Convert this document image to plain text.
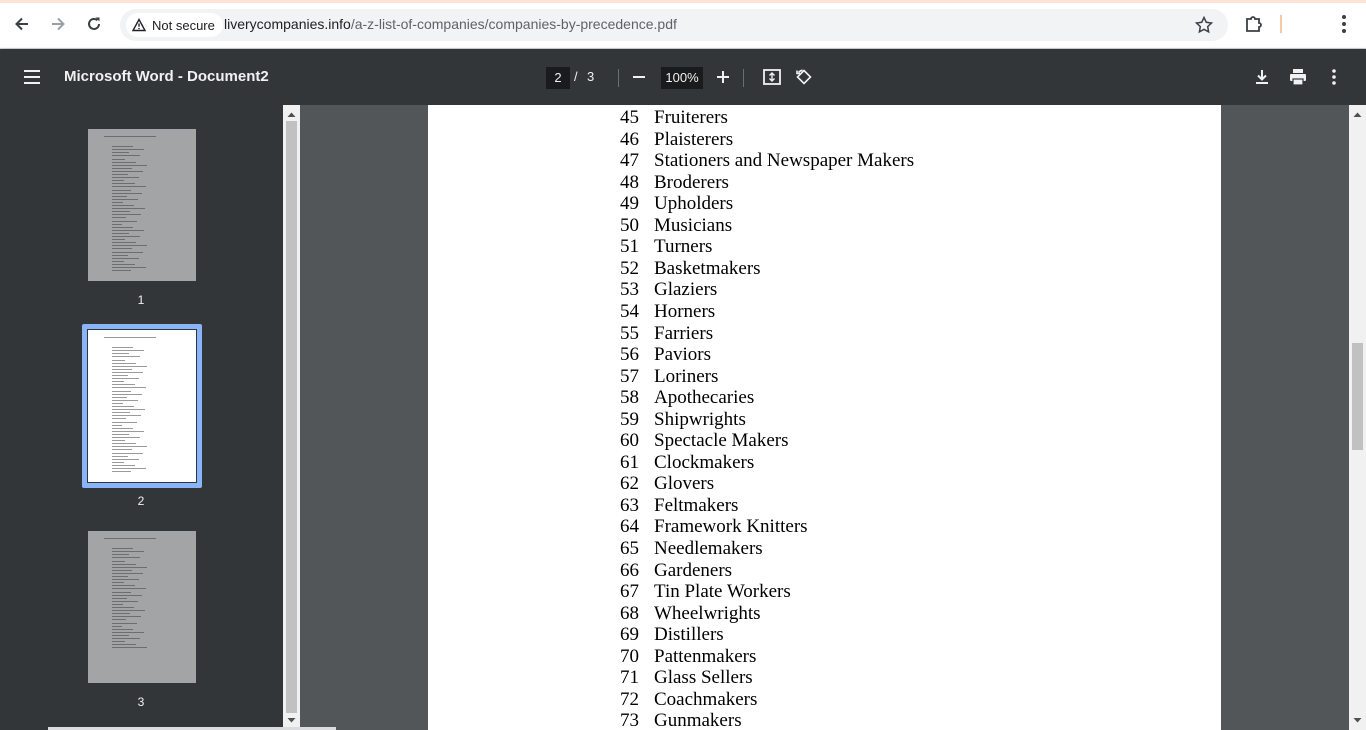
Not secure liverycompanies.info/a-z-list-of-companies/companies-by-precedence.pdf
Microsoft Word - Document2	2 / 3	100%
1
2
3
45 Fruiterers
46 Plaisterers
47 Stationers and Newspaper Makers
48 Broderers
49 Upholders
50 Musicians
51 Turners
52 Basketmakers
53 Glaziers
54 Horners
55 Farriers
56 Paviors
57 Loriners
58 Apothecaries
59 Shipwrights
60 Spectacle Makers
61 Clockmakers
62 Glovers
63 Feltmakers
64 Framework Knitters
65 Needlemakers
66 Gardeners
67 Tin Plate Workers
68 Wheelwrights
69 Distillers
70 Pattenmakers
71 Glass Sellers
72 Coachmakers
73 Gunmakers
